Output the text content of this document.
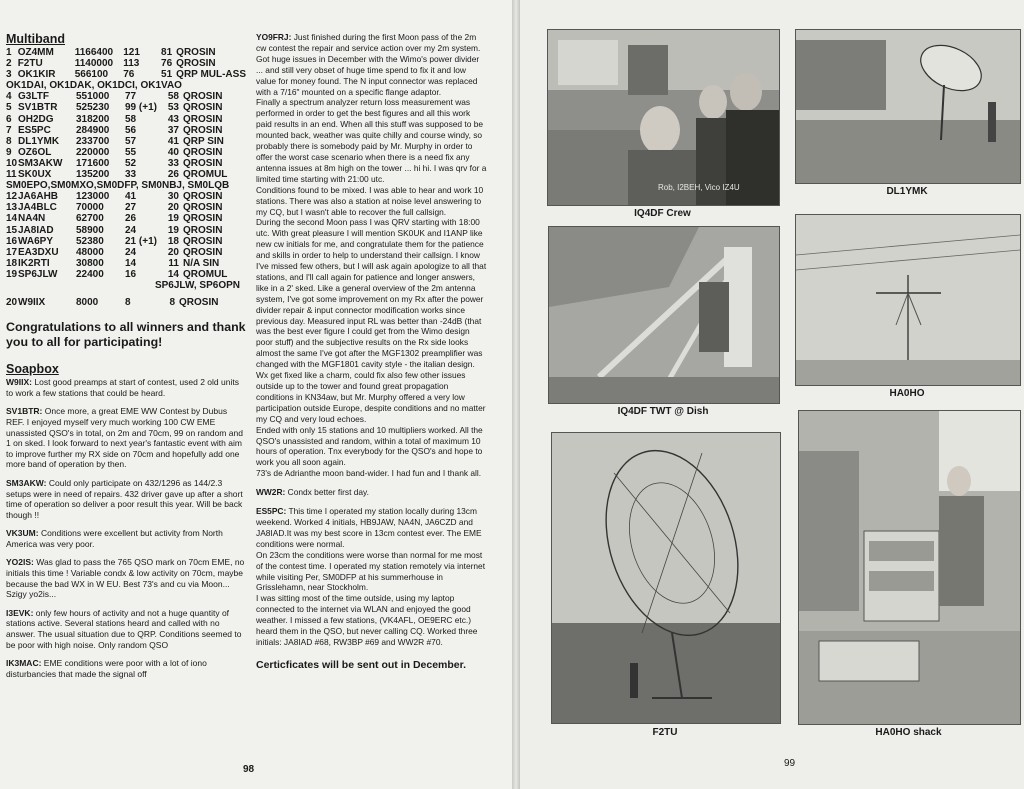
Multiband
1	OZ4MM	1166400	121	81	QROSIN
2	F2TU	1140000	113	76	QROSIN
3	OK1KIR	566100	76	51	QRP MUL-ASS
OK1DAI, OK1DAK, OK1DCI, OK1VAO
4	G3LTF	551000	77	58	QROSIN
5	SV1BTR	525230	99 (+1)	53	QROSIN
6	OH2DG	318200	58	43	QROSIN
7	ES5PC	284900	56	37	QROSIN
8	DL1YMK	233700	57	41	QRP SIN
9	OZ6OL	220000	55	40	QROSIN
10	SM3AKW	171600	52	33	QROSIN
11	SK0UX	135200	33	26	QROMUL
SM0EPO,SM0MXO,SM0DFP, SM0NBJ, SM0LQB
12	JA6AHB	123000	41	30	QROSIN
13	JA4BLC	70000	27	20	QROSIN
14	NA4N	62700	26	19	QROSIN
15	JA8IAD	58900	24	19	QROSIN
16	WA6PY	52380	21 (+1)	18	QROSIN
17	EA3DXU	48000	24	20	QROSIN
18	IK2RTI	30800	14	11	N/A SIN
19	SP6JLW	22400	16	14	QROMUL
SP6JLW, SP6OPN
20	W9IIX	8000	8	8	QROSIN
Congratulations to all winners and thank you to all for participating!
Soapbox

W9IIX: Lost good preamps at start of contest, used 2 old units to work a few stations that could be heard.

SV1BTR: Once more, a great EME WW Contest by Dubus REF. I enjoyed myself very much working 100 CW EME unassisted QSO's in total, on 2m and 70cm, 99 on random and 1 on sked. I look forward to next year's fantastic event with aim to improve further my RX side on 70cm and hopefully add one more band of operation by then.

SM3AKW: Could only participate on 432/1296 as 144/2.3 setups were in need of repairs. 432 driver gave up after a short time of operation so deliver a poor result this year. Will be back though !!

VK3UM: Conditions were excellent but activity from North America was very poor.

YO2IS: Was glad to pass the 765 QSO mark on 70cm EME, no initials this time ! Variable condx & low activity on 70cm, maybe because the bad WX in W EU. Best 73's and cu via Moon... Szigy yo2is...

I3EVK: only few hours of activity and not a huge quantity of stations active. Several stations heard and called with no answer. The usual situation due to QRP. Conditions seemed to be poor with high noise. Only random QSO

IK3MAC: EME conditions were poor with a lot of iono disturbancies that made the signal off

YO9FRJ: Just finished during the first Moon pass of the 2m cw contest the repair and service action over my 2m system. Got huge issues in December with the Wimo's power divider ... and still very obset of huge time spend to fix it and low value for money found. The N input connector was replaced with a 7/16" mounted on a specific flange adaptor.

Finally a spectrum analyzer return loss measurement was performed in order to get the best figures and all this work paid results in an end. When all this stuff was supposed to be mounted back, weather was quite chilly and course windy, so probably there is somebody paid by Mr. Murphy in order to offer the worst case scenario when there is a need fix any antenna issues at 8m high on the tower ... hi hi. I was qrv for a limited time starting with 21:00 utc.

Conditions found to be mixed. I was able to hear and work 10 stations. There was also a station at noise level answering to my CQ, but I wasn't able to recover the full callsign.

During the second Moon pass I was QRV starting with 18:00 utc. With great pleasure I will mention SK0UK and I1ANP like new cw initials for me, and congratulate them for the patience and skills in order to help to understand their callsign. I know I've missed few others, but I will ask again apologize to all that stations, and I'll call again for patience and longer answers, like in a 2' sked. Like a general overview of the 2m antenna system, I've got some improvement on my Rx after the power divider repair & input connector modification works since previous day. Measured input RL was better than -24dB (that was the best ever figure I could get from the Wimo design poor stuff) and the subjective results on the Rx side looks almost the same I've got after the MGF1302 preamplifier was changed with the MGF1801 cavity style - the italian design. Wx get fixed like a charm, could fix also few other issues outside up to the tower and found great propagation conditions in KN34aw, but Mr. Murphy offered a very low participation outside Europe, despite conditions and no matter my CQ and very loud echoes.

Ended with only 15 stations and 10 multipliers worked. All the QSO's unassisted and random, within a total of maximum 10 hours of operation. Tnx everybody for the QSO's and hope to work you all soon again.

73's de Adrianthe moon band-wider. I had fun and I thank all.

WW2R: Condx better first day.

ES5PC: This time I operated my station locally during 13cm weekend. Worked 4 initials, HB9JAW, NA4N, JA6CZD and JA8IAD.It was my best score in 13cm contest ever. The EME conditions were normal.

On 23cm the conditions were worse than normal for me most of the contest time. I operated my station remotely via internet while visiting Per, SM0DFP at his summerhouse in Grisslehamn, near Stockholm.

I was sitting most of the time outside, using my laptop connected to the internet via WLAN and enjoyed the good weather. I missed a few stations, (VK4AFL, OE9ERC etc.) heard them in the QSO, but never calling CQ. Worked three initials: JA8IAD #68, RW3BP #69 and WW2R #70.

Certicficates will be sent out in December.

98
Rob, I2BEH, Vico IZ4U
IQ4DF Crew
DL1YMK
IQ4DF TWT @ Dish
HA0HO
F2TU	HA0HO shack
99
